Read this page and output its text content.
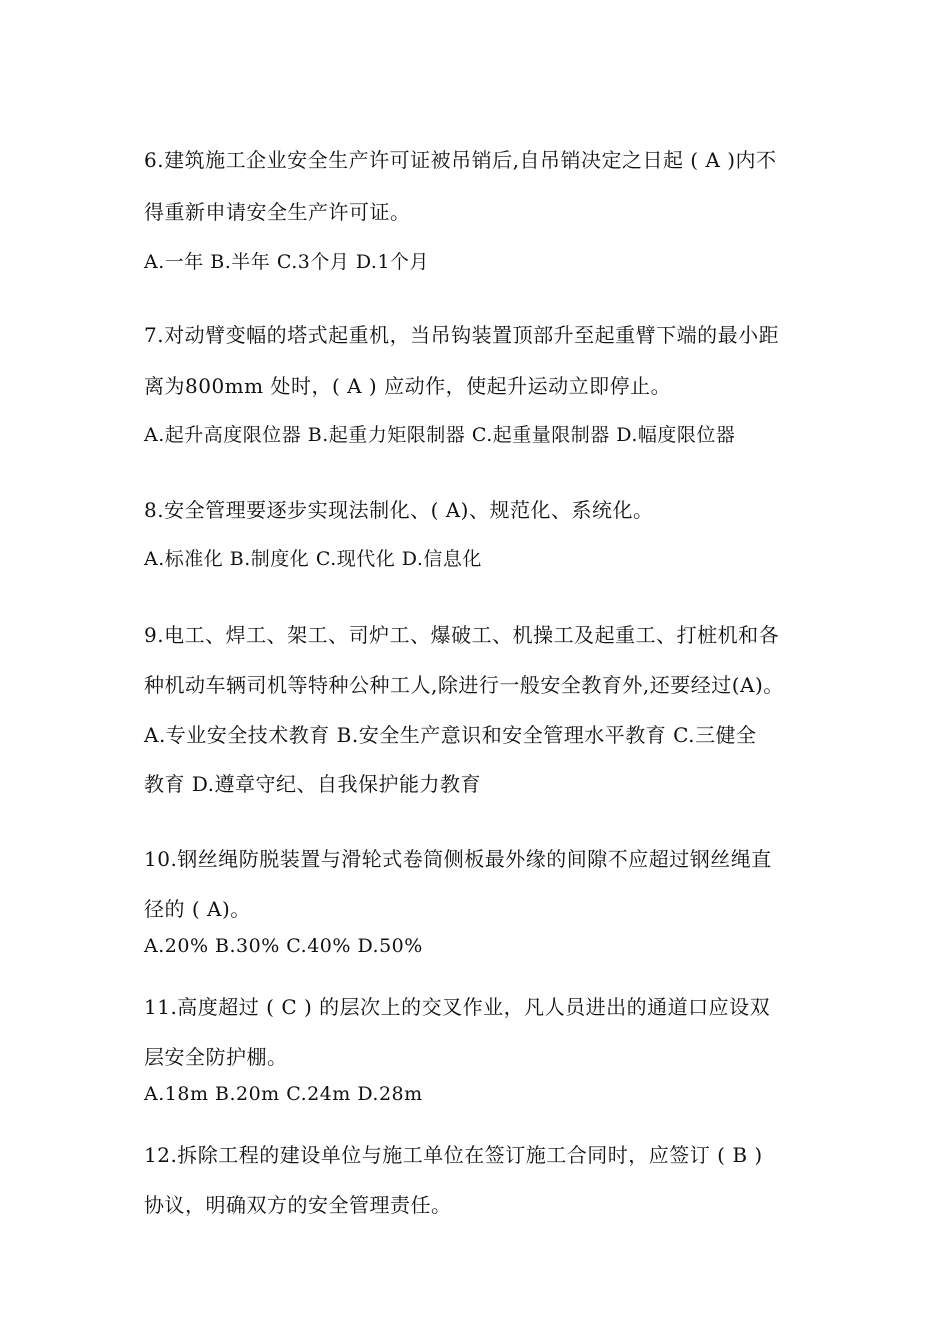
6.建筑施工企业安全生产许可证被吊销后,自吊销决定之日起 ( A )内不
得重新申请安全生产许可证。
A.一年 B.半年 C.3个月 D.1个月
7.对动臂变幅的塔式起重机，当吊钩装置顶部升至起重臂下端的最小距
离为800mm 处时，( A ) 应动作，使起升运动立即停止。
A.起升高度限位器 B.起重力矩限制器 C.起重量限制器 D.幅度限位器
8.安全管理要逐步实现法制化、( A)、规范化、系统化。
A.标准化 B.制度化 C.现代化 D.信息化
9.电工、焊工、架工、司炉工、爆破工、机操工及起重工、打桩机和各
种机动车辆司机等特种公种工人,除进行一般安全教育外,还要经过(A)。
A.专业安全技术教育 B.安全生产意识和安全管理水平教育 C.三健全
教育 D.遵章守纪、自我保护能力教育
10.钢丝绳防脱装置与滑轮式卷筒侧板最外缘的间隙不应超过钢丝绳直
径的 ( A)。
A.20% B.30% C.40% D.50%
11.高度超过 ( C ) 的层次上的交叉作业，凡人员进出的通道口应设双
层安全防护棚。
A.18m B.20m C.24m D.28m
12.拆除工程的建设单位与施工单位在签订施工合同时，应签订 ( B )
协议，明确双方的安全管理责任。
